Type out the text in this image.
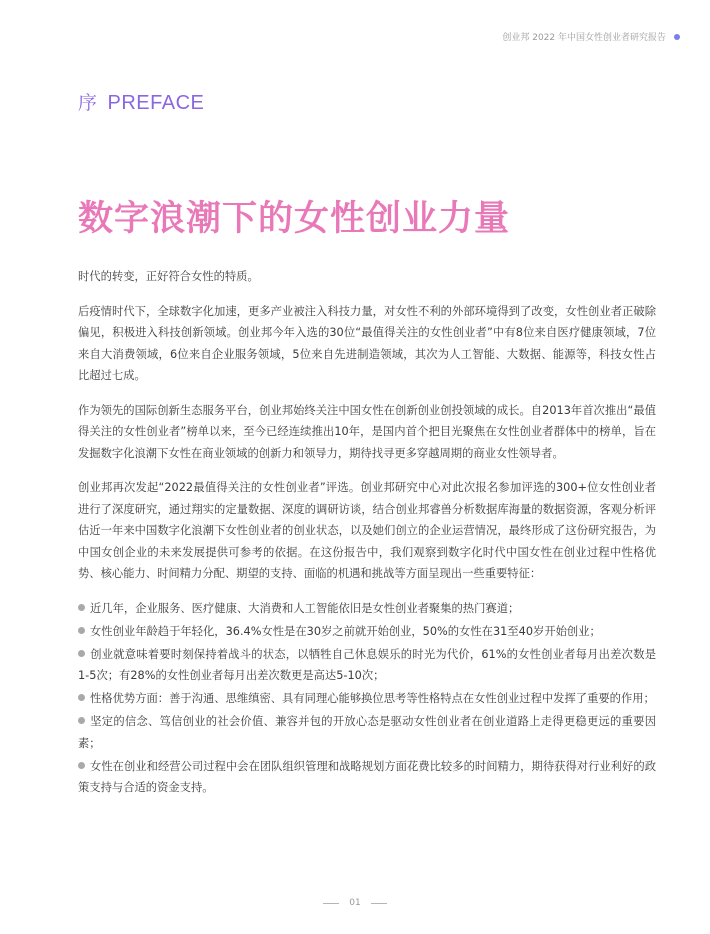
创业邦 2022 年中国女性创业者研究报告
序 PREFACE
数字浪潮下的女性创业力量

时代的转变，正好符合女性的特质。

后疫情时代下，全球数字化加速，更多产业被注入科技力量，对女性不利的外部环境得到了改变，女性创业者正破除偏见，积极进入科技创新领域。创业邦今年入选的30位“最值得关注的女性创业者”中有8位来自医疗健康领域，7位来自大消费领域，6位来自企业服务领域，5位来自先进制造领域，其次为人工智能、大数据、能源等，科技女性占比超过七成。

作为领先的国际创新生态服务平台，创业邦始终关注中国女性在创新创业创投领域的成长。自2013年首次推出“最值得关注的女性创业者”榜单以来，至今已经连续推出10年，是国内首个把目光聚焦在女性创业者群体中的榜单，旨在发掘数字化浪潮下女性在商业领域的创新力和领导力，期待找寻更多穿越周期的商业女性领导者。

创业邦再次发起“2022最值得关注的女性创业者”评选。创业邦研究中心对此次报名参加评选的300+位女性创业者进行了深度研究，通过翔实的定量数据、深度的调研访谈，结合创业邦睿兽分析数据库海量的数据资源，客观分析评估近一年来中国数字化浪潮下女性创业者的创业状态，以及她们创立的企业运营情况，最终形成了这份研究报告，为中国女创企业的未来发展提供可参考的依据。在这份报告中，我们观察到数字化时代中国女性在创业过程中性格优势、核心能力、时间精力分配、期望的支持、面临的机遇和挑战等方面呈现出一些重要特征：

近几年，企业服务、医疗健康、大消费和人工智能依旧是女性创业者聚集的热门赛道；
女性创业年龄趋于年轻化，36.4%女性是在30岁之前就开始创业，50%的女性在31至40岁开始创业；
创业就意味着要时刻保持着战斗的状态，以牺牲自己休息娱乐的时光为代价，61%的女性创业者每月出差次数是1-5次；有28%的女性创业者每月出差次数更是高达5-10次；
性格优势方面：善于沟通、思维缜密、具有同理心能够换位思考等性格特点在女性创业过程中发挥了重要的作用；
坚定的信念、笃信创业的社会价值、兼容并包的开放心态是驱动女性创业者在创业道路上走得更稳更远的重要因素；
女性在创业和经营公司过程中会在团队组织管理和战略规划方面花费比较多的时间精力，期待获得对行业利好的政策支持与合适的资金支持。
01
